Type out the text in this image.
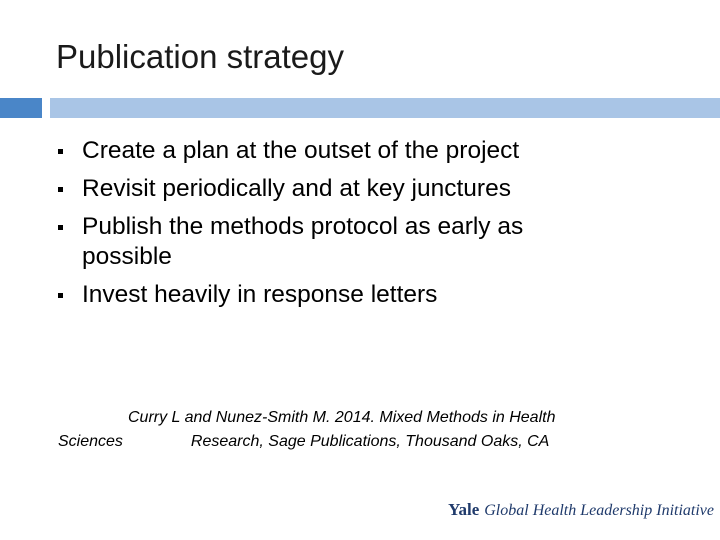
Publication strategy
Create a plan at the outset of the project
Revisit periodically and at key junctures
Publish the methods protocol as early as possible
Invest heavily in response letters
Curry L and Nunez-Smith M. 2014. Mixed Methods in Health
Sciences	Research, Sage Publications, Thousand Oaks, CA
Yale Global Health Leadership Initiative
